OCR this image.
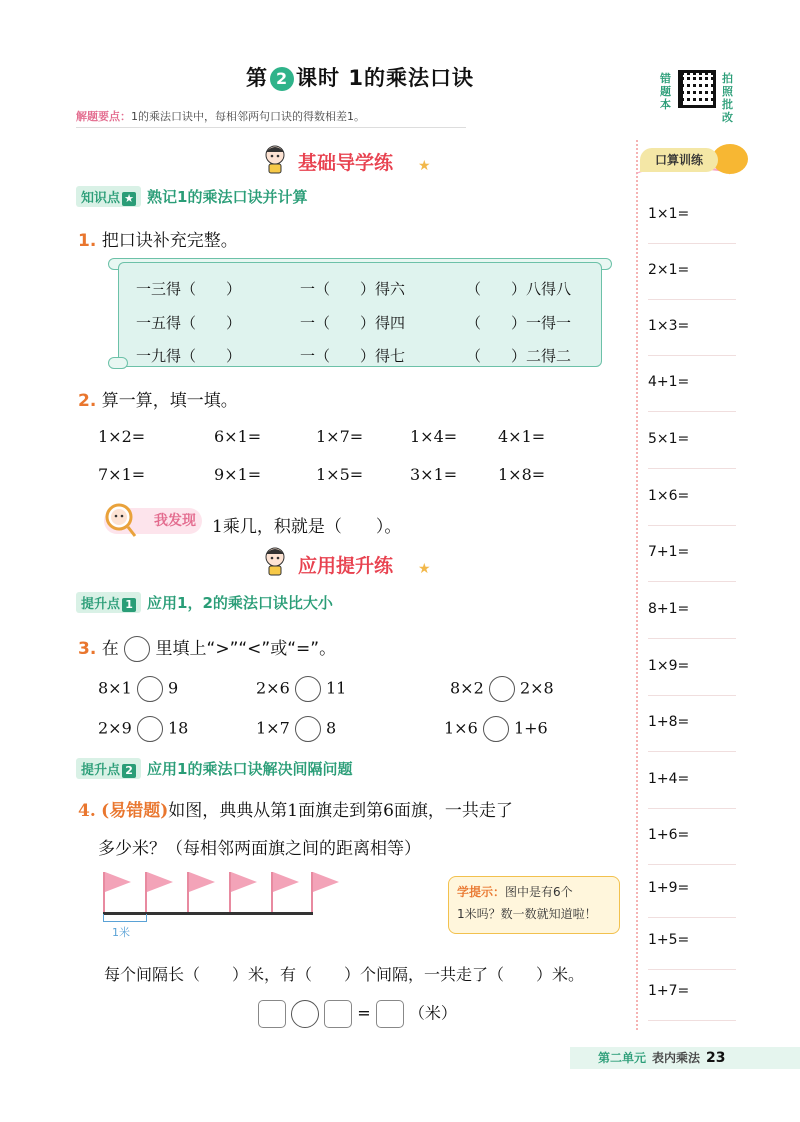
第 2 课时 1的乘法口诀	错题本
拍照批改
解题要点：1的乘法口诀中，每相邻两句口诀的得数相差1。
基础导学练 ★
知识点 ★ 熟记1的乘法口诀并计算
1. 把口诀补充完整。
一三得（　　）	一（　　）得六	（　　）八得八
一五得（　　）	一（　　）得四	（　　）一得一
一九得（　　）	一（　　）得七	（　　）二得二
2. 算一算，填一填。
1×2=	6×1=	1×7=	1×4=	4×1=
7×1=	9×1=	1×5=	3×1=	1×8=
我发现 1乘几，积就是（　　）。
应用提升练 ★
提升点 1 应用1，2的乘法口诀比大小
3. 在 里填上“>”“<”或“=”。
8×1 9	2×6 11	8×2 2×8
2×9 18	1×7 8	1×6 1+6
提升点 2 应用1的乘法口诀解决间隔问题
4. (易错题)如图，典典从第1面旗走到第6面旗，一共走了
多少米？（每相邻两面旗之间的距离相等）
1米
学提示：图中是有6个
1米吗？数一数就知道啦！
每个间隔长（　　）米，有（　　）个间隔，一共走了（　　）米。
= （米）
口算训练
1×1=
2×1=
1×3=
4+1=
5×1=
1×6=
7+1=
8+1=
1×9=
1+8=
1+4=
1+6=
1+9=
1+5=
1+7=
第二单元 表内乘法 23
